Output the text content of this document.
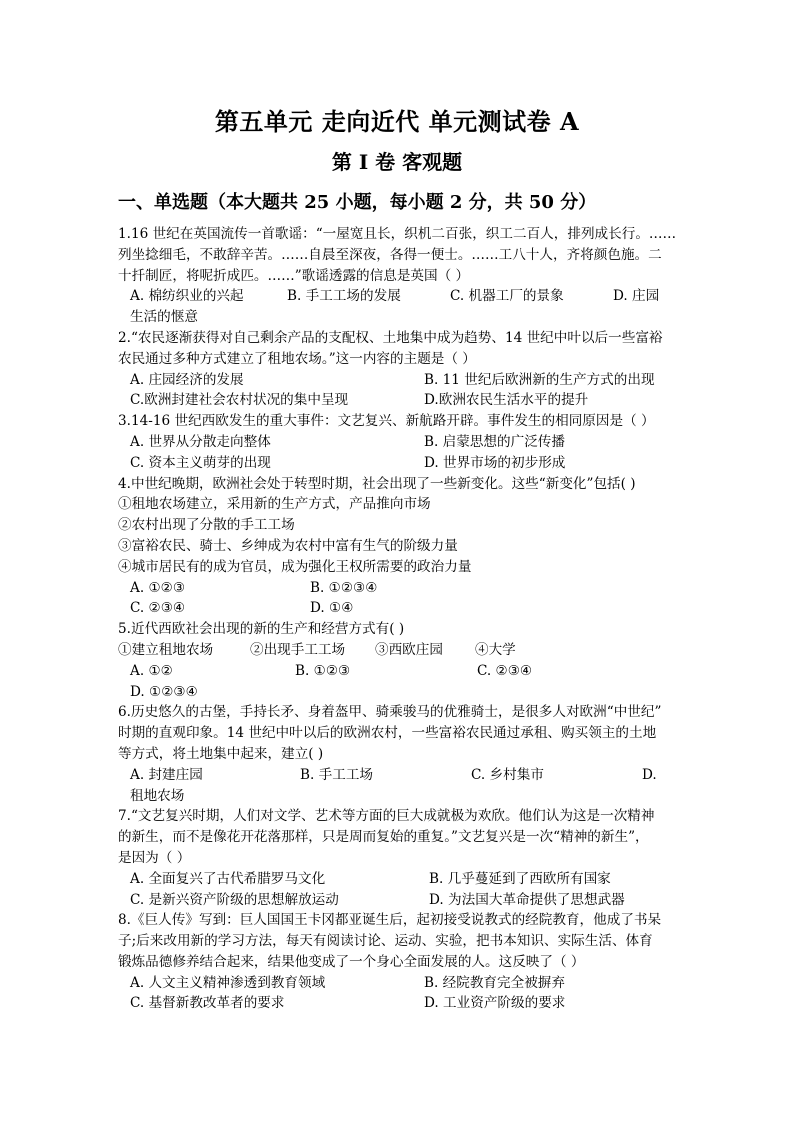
第五单元 走向近代 单元测试卷 A
第 I 卷 客观题
一、单选题（本大题共 25 小题，每小题 2 分，共 50 分）

1.16 世纪在英国流传一首歌谣：“一屋宽且长，织机二百张，织工二百人，排列成长行。……

列坐捻细毛，不敢辞辛苦。……自晨至深夜，各得一便士。……工八十人，齐将颜色施。二

十扦制匠，将呢折成匹。……”歌谣透露的信息是英国（ ）

A. 棉纺织业的兴起	B. 手工工场的发展	C. 机器工厂的景象	D. 庄园
生活的惬意

2.“农民逐渐获得对自己剩余产品的支配权、土地集中成为趋势、14 世纪中叶以后一些富裕

农民通过多种方式建立了租地农场。”这一内容的主题是（ ）

A. 庄园经济的发展	B. 11 世纪后欧洲新的生产方式的出现
C.欧洲封建社会农村状况的集中呈现	D.欧洲农民生活水平的提升

3.14-16 世纪西欧发生的重大事件：文艺复兴、新航路开辟。事件发生的相同原因是（ ）

A. 世界从分散走向整体	B. 启蒙思想的广泛传播
C. 资本主义萌芽的出现	D. 世界市场的初步形成

4.中世纪晚期，欧洲社会处于转型时期，社会出现了一些新变化。这些“新变化”包括( )

①租地农场建立，采用新的生产方式，产品推向市场

②农村出现了分散的手工工场

③富裕农民、骑士、乡绅成为农村中富有生气的阶级力量

④城市居民有的成为官员，成为强化王权所需要的政治力量

A. ①②③	B. ①②③④
C. ②③④	D. ①④

5.近代西欧社会出现的新的生产和经营方式有( )

①建立租地农场	②出现手工工场	③西欧庄园	④大学
A. ①②	B. ①②③	C. ②③④
D. ①②③④

6.历史悠久的古堡，手持长矛、身着盔甲、骑乘骏马的优雅骑士，是很多人对欧洲“中世纪”

时期的直观印象。14 世纪中叶以后的欧洲农村，一些富裕农民通过承租、购买领主的土地

等方式，将土地集中起来，建立( )

A. 封建庄园	B. 手工工场	C. 乡村集市	D.
租地农场

7.“文艺复兴时期，人们对文学、艺术等方面的巨大成就极为欢欣。他们认为这是一次精神

的新生，而不是像花开花落那样，只是周而复始的重复。”文艺复兴是一次“精神的新生”，

是因为（ ）

A. 全面复兴了古代希腊罗马文化	B. 几乎蔓延到了西欧所有国家
C. 是新兴资产阶级的思想解放运动	D. 为法国大革命提供了思想武器

8.《巨人传》写到：巨人国国王卡冈都亚诞生后，起初接受说教式的经院教育，他成了书呆

子;后来改用新的学习方法，每天有阅读讨论、运动、实验，把书本知识、实际生活、体育

锻炼品德修养结合起来，结果他变成了一个身心全面发展的人。这反映了（ ）

A. 人文主义精神渗透到教育领域	B. 经院教育完全被摒弃
C. 基督新教改革者的要求	D. 工业资产阶级的要求
